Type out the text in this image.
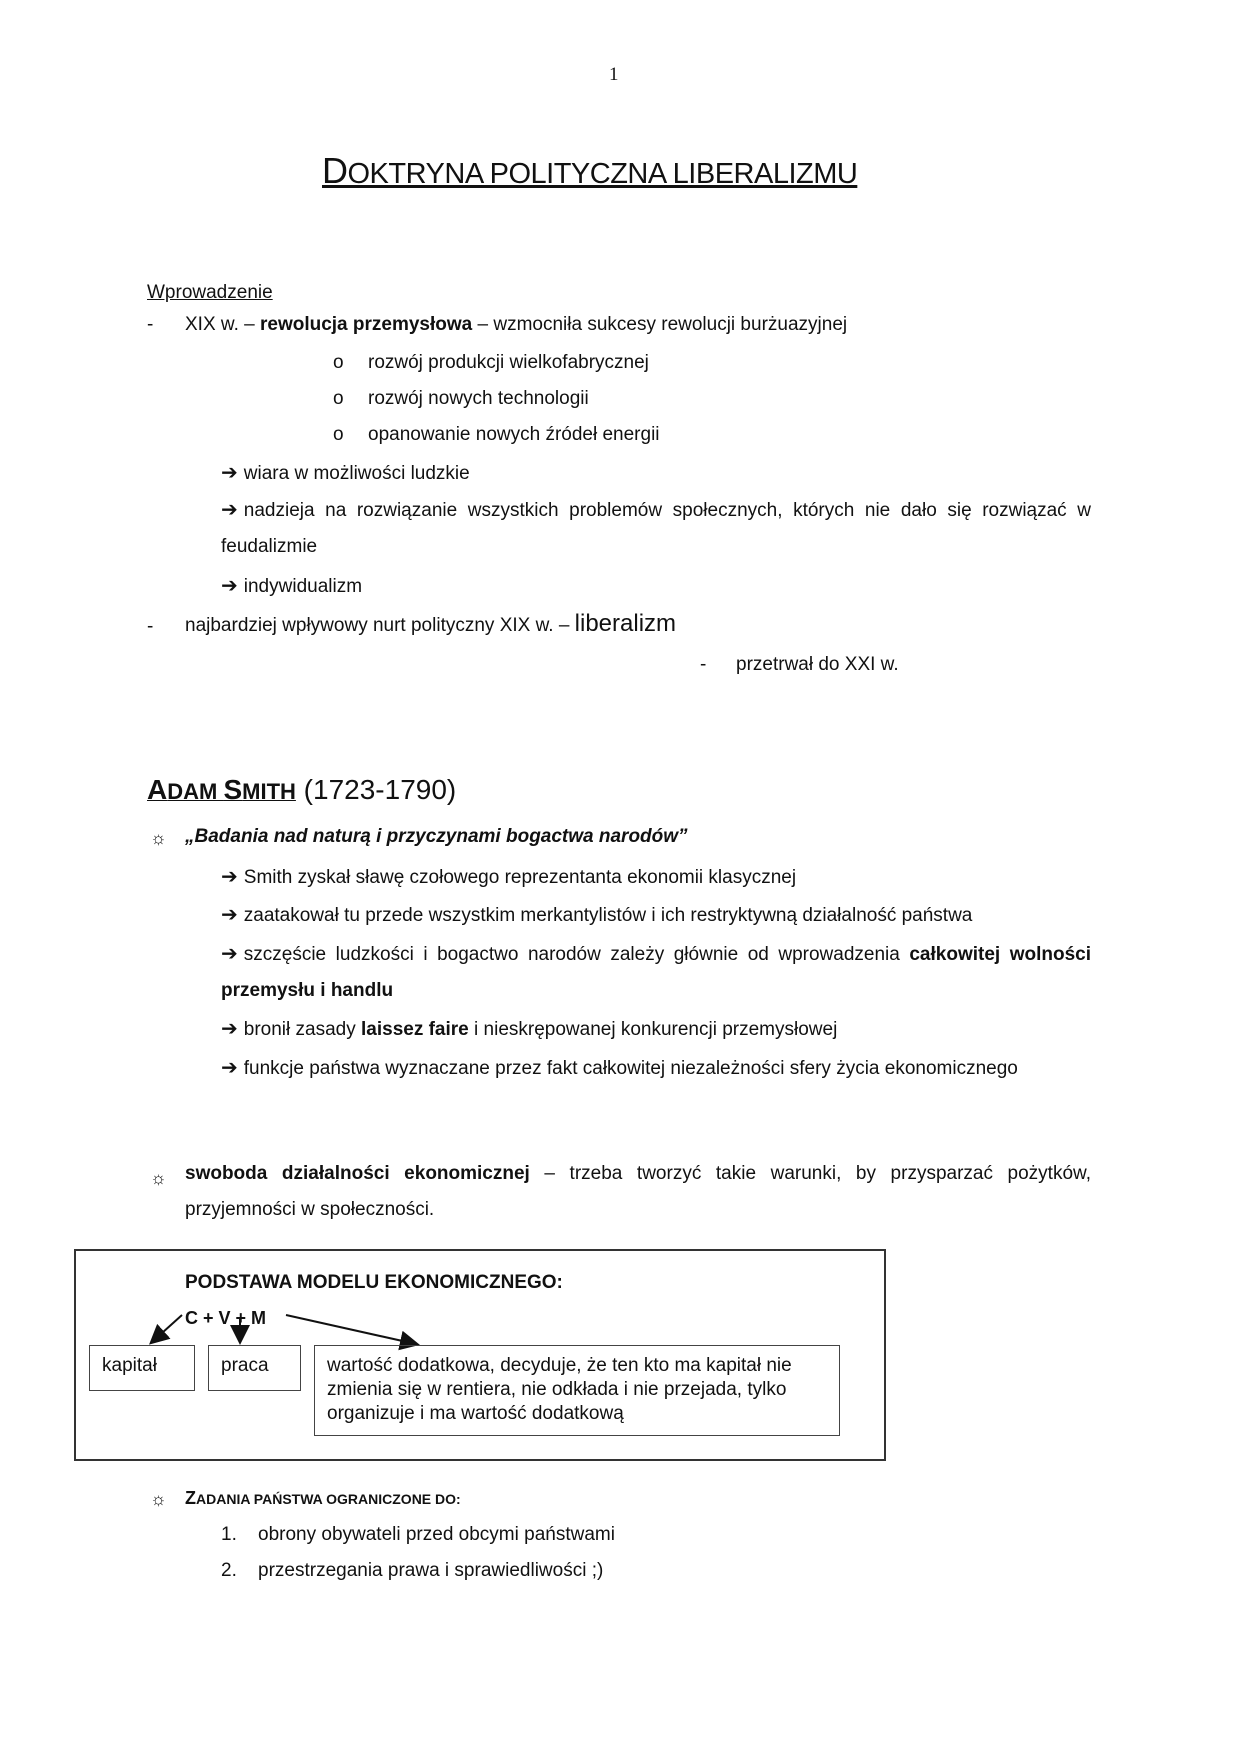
1
DOKTRYNA POLITYCZNA LIBERALIZMU
Wprowadzenie
- XIX w. – rewolucja przemysłowa – wzmocniła sukcesy rewolucji burżuazyjnej
o rozwój produkcji wielkofabrycznej
o rozwój nowych technologii
o opanowanie nowych źródeł energii
➔ wiara w możliwości ludzkie
➔ nadzieja na rozwiązanie wszystkich problemów społecznych, których nie dało się rozwiązać w feudalizmie
➔ indywidualizm
- najbardziej wpływowy nurt polityczny XIX w. – liberalizm
- przetrwał do XXI w.
ADAM SMITH (1723-1790)
☼ „Badania nad naturą i przyczynami bogactwa narodów”
➔ Smith zyskał sławę czołowego reprezentanta ekonomii klasycznej
➔ zaatakował tu przede wszystkim merkantylistów i ich restryktywną działalność państwa
➔ szczęście ludzkości i bogactwo narodów zależy głównie od wprowadzenia całkowitej wolności przemysłu i handlu
➔ bronił zasady laissez faire i nieskrępowanej konkurencji przemysłowej
➔ funkcje państwa wyznaczane przez fakt całkowitej niezależności sfery życia ekonomicznego
☼ swoboda działalności ekonomicznej – trzeba tworzyć takie warunki, by przysparzać pożytków, przyjemności w społeczności.
PODSTAWA MODELU EKONOMICZNEGO:
C + V + M
kapitał	praca	wartość dodatkowa, decyduje, że ten kto ma kapitał nie zmienia się w rentiera, nie odkłada i nie przejada, tylko organizuje i ma wartość dodatkową
☼ ZADANIA PAŃSTWA OGRANICZONE DO:
1. obrony obywateli przed obcymi państwami
2. przestrzegania prawa i sprawiedliwości ;)
